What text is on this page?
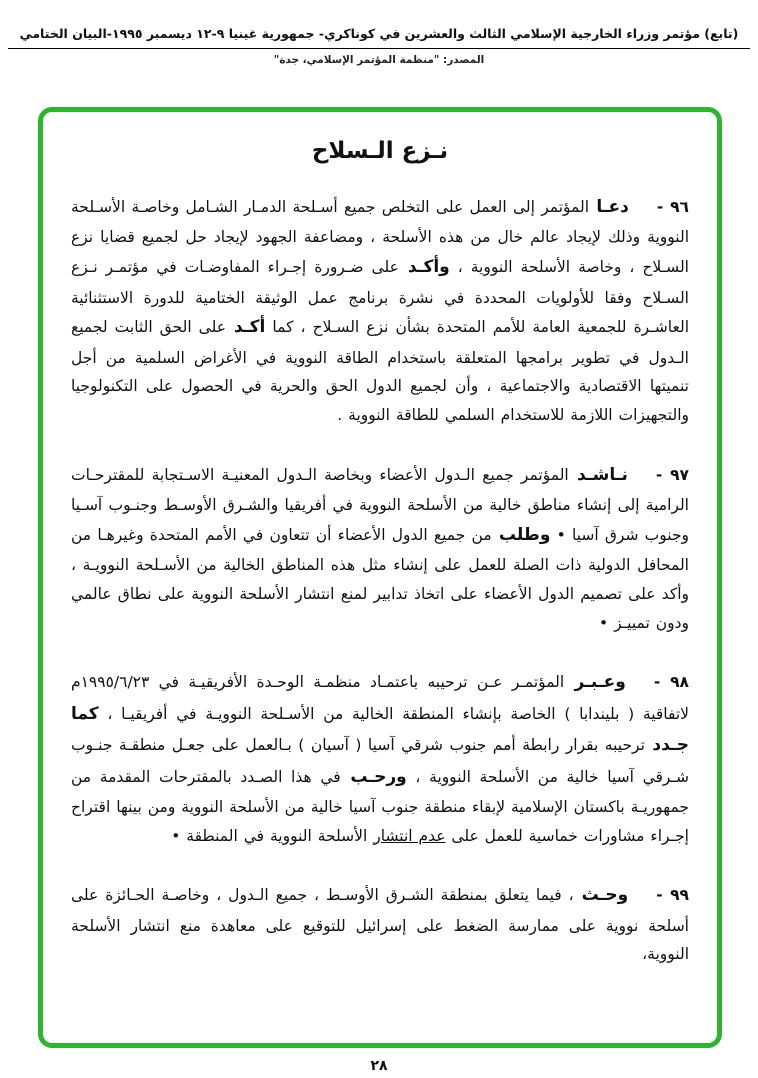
(تابع) مؤتمر وزراء الخارجية الإسلامي الثالث والعشرين في كوناكري- جمهورية غينيا ٩-١٢ ديسمبر ١٩٩٥-البيان الختامي
المصدر: "منظمة المؤتمر الإسلامي، جدة"
نـزع الـسلاح

٩٦ -دعـا المؤتمر إلى العمل على التخلص جميع أسـلحة الدمـار الشـامل وخاصـة الأسـلحة النووية وذلك لإيجاد عالم خال من هذه الأسلحة ، ومضاعفة الجهود لإيجاد حل لجميع قضايا نزع السـلاح ، وخاصة الأسلحة النووية ، وأكـد على ضـرورة إجـراء المفاوضـات في مؤتمـر نـزع السـلاح وفقا للأولويات المحددة في نشرة برنامج عمل الوثيقة الختامية للدورة الاستثنائية العاشـرة للجمعية العامة للأمم المتحدة بشأن نزع السـلاح ، كما أكـد على الحق الثابت لجميع الـدول في تطوير برامجها المتعلقة باستخدام الطاقة النووية في الأغراض السلمية من أجل تنميتها الاقتصادية والاجتماعية ، وأن لجميع الدول الحق والحرية في الحصول على التكنولوجيا والتجهيزات اللازمة للاستخدام السلمي للطاقة النووية .

٩٧ -نـاشـد المؤتمر جميع الـدول الأعضاء وبخاصة الـدول المعنيـة الاسـتجابة للمقترحـات الرامية إلى إنشاء مناطق خالية من الأسلحة النووية في أفريقيا والشـرق الأوسـط وجنـوب آسـيا وجنوب شرق آسيا • وطلب من جميع الدول الأعضاء أن تتعاون في الأمم المتحدة وغيرهـا من المحافل الدولية ذات الصلة للعمل على إنشاء مثل هذه المناطق الخالية من الأسـلحة النوويـة ، وأكد على تصميم الدول الأعضاء على اتخاذ تدابير لمنع انتشار الأسلحة النووية على نطاق عالمي ودون تمييـز •

٩٨ -وعـبـر المؤتمـر عـن ترحيبه باعتمـاد منظمـة الوحـدة الأفريقيـة في ١٩٩٥/٦/٢٣م لاتفاقية ( بليندابا ) الخاصة بإنشاء المنطقة الخالية من الأسـلحة النوويـة في أفريقيـا ، كما جـدد ترحيبه بقرار رابطة أمم جنوب شرقي آسيا ( آسيان ) بـالعمل على جعـل منطقـة جنـوب شـرقي آسيا خالية من الأسلحة النووية ، ورحـب في هذا الصـدد بالمقترحات المقدمة من جمهوريـة باكستان الإسلامية لإبقاء منطقة جنوب آسيا خالية من الأسلحة النووية ومن بينها اقتراح إجـراء مشاورات خماسية للعمل على عدم انتشار الأسلحة النووية في المنطقة •

٩٩ -وحـث ، فيما يتعلق بمنطقة الشـرق الأوسـط ، جميع الـدول ، وخاصـة الحـائزة على أسلحة نووية على ممارسة الضغط على إسرائيل للتوقيع على معاهدة منع انتشار الأسلحة النووية،

٢٨
